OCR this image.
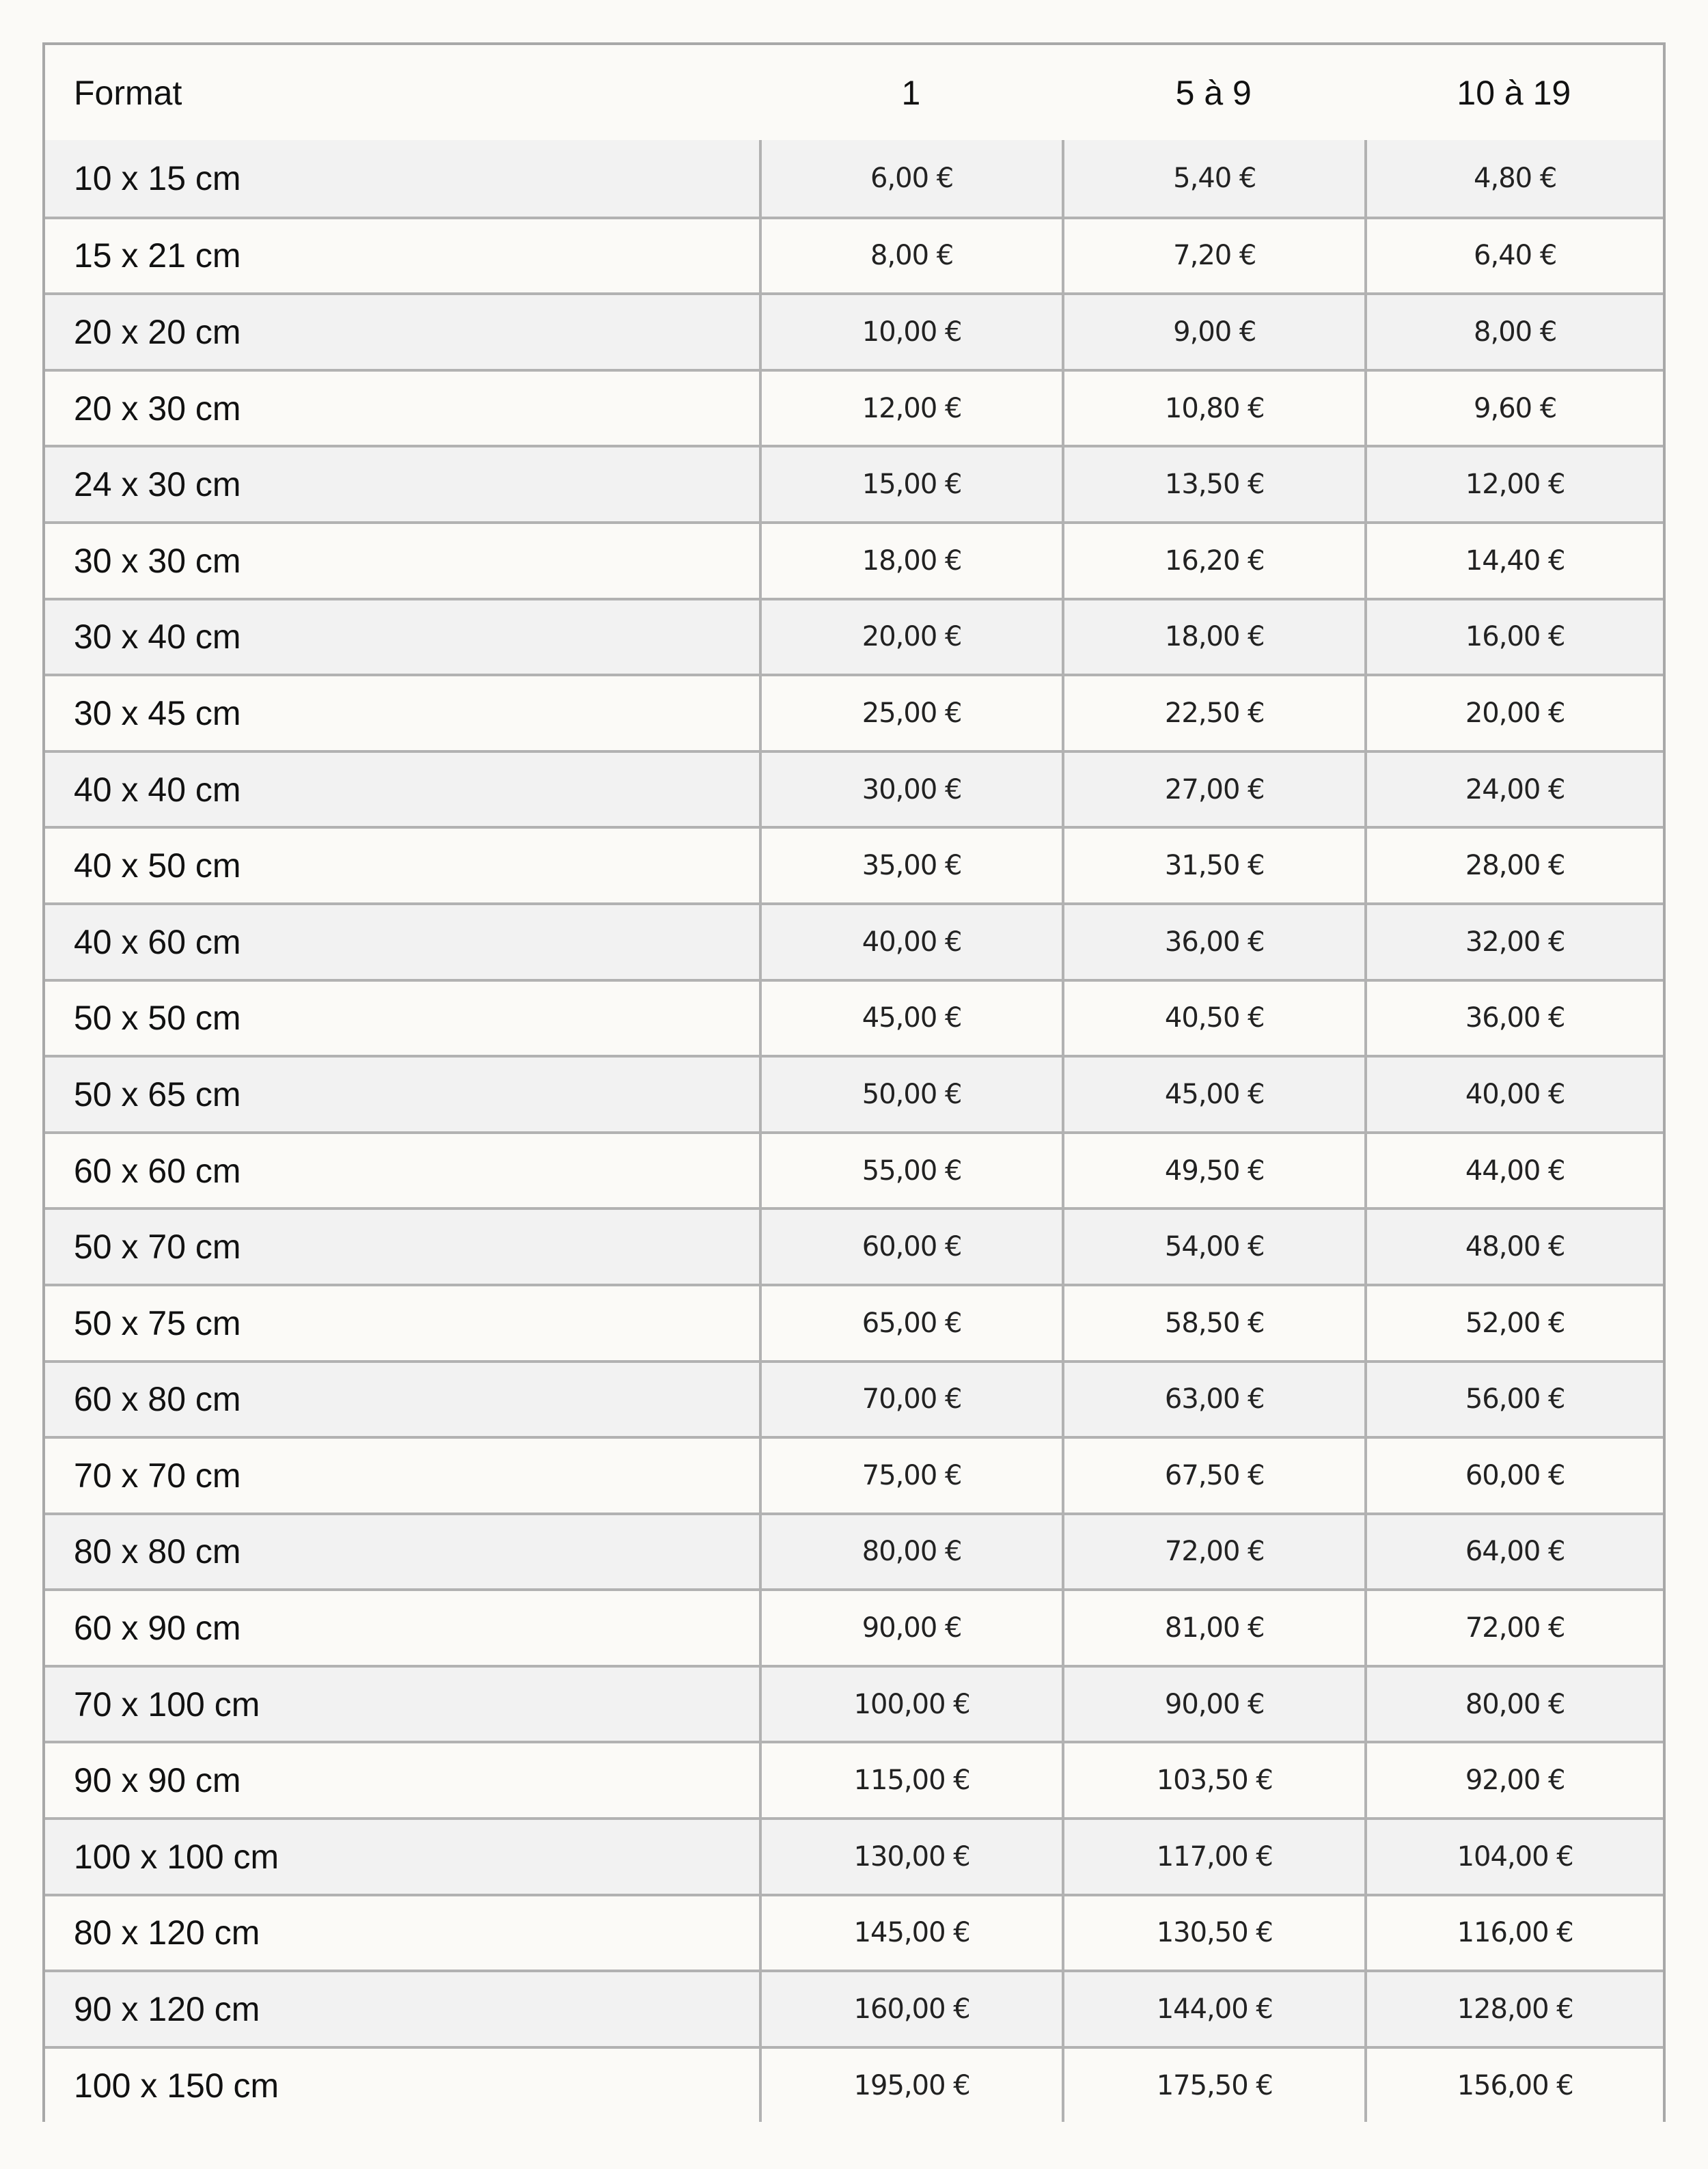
Format	1	5 à 9	10 à 19
10 x 15 cm	6,00 €	5,40 €	4,80 €
15 x 21 cm	8,00 €	7,20 €	6,40 €
20 x 20 cm	10,00 €	9,00 €	8,00 €
20 x 30 cm	12,00 €	10,80 €	9,60 €
24 x 30 cm	15,00 €	13,50 €	12,00 €
30 x 30 cm	18,00 €	16,20 €	14,40 €
30 x 40 cm	20,00 €	18,00 €	16,00 €
30 x 45 cm	25,00 €	22,50 €	20,00 €
40 x 40 cm	30,00 €	27,00 €	24,00 €
40 x 50 cm	35,00 €	31,50 €	28,00 €
40 x 60 cm	40,00 €	36,00 €	32,00 €
50 x 50 cm	45,00 €	40,50 €	36,00 €
50 x 65 cm	50,00 €	45,00 €	40,00 €
60 x 60 cm	55,00 €	49,50 €	44,00 €
50 x 70 cm	60,00 €	54,00 €	48,00 €
50 x 75 cm	65,00 €	58,50 €	52,00 €
60 x 80 cm	70,00 €	63,00 €	56,00 €
70 x 70 cm	75,00 €	67,50 €	60,00 €
80 x 80 cm	80,00 €	72,00 €	64,00 €
60 x 90 cm	90,00 €	81,00 €	72,00 €
70 x 100 cm	100,00 €	90,00 €	80,00 €
90 x 90 cm	115,00 €	103,50 €	92,00 €
100 x 100 cm	130,00 €	117,00 €	104,00 €
80 x 120 cm	145,00 €	130,50 €	116,00 €
90 x 120 cm	160,00 €	144,00 €	128,00 €
100 x 150 cm	195,00 €	175,50 €	156,00 €
